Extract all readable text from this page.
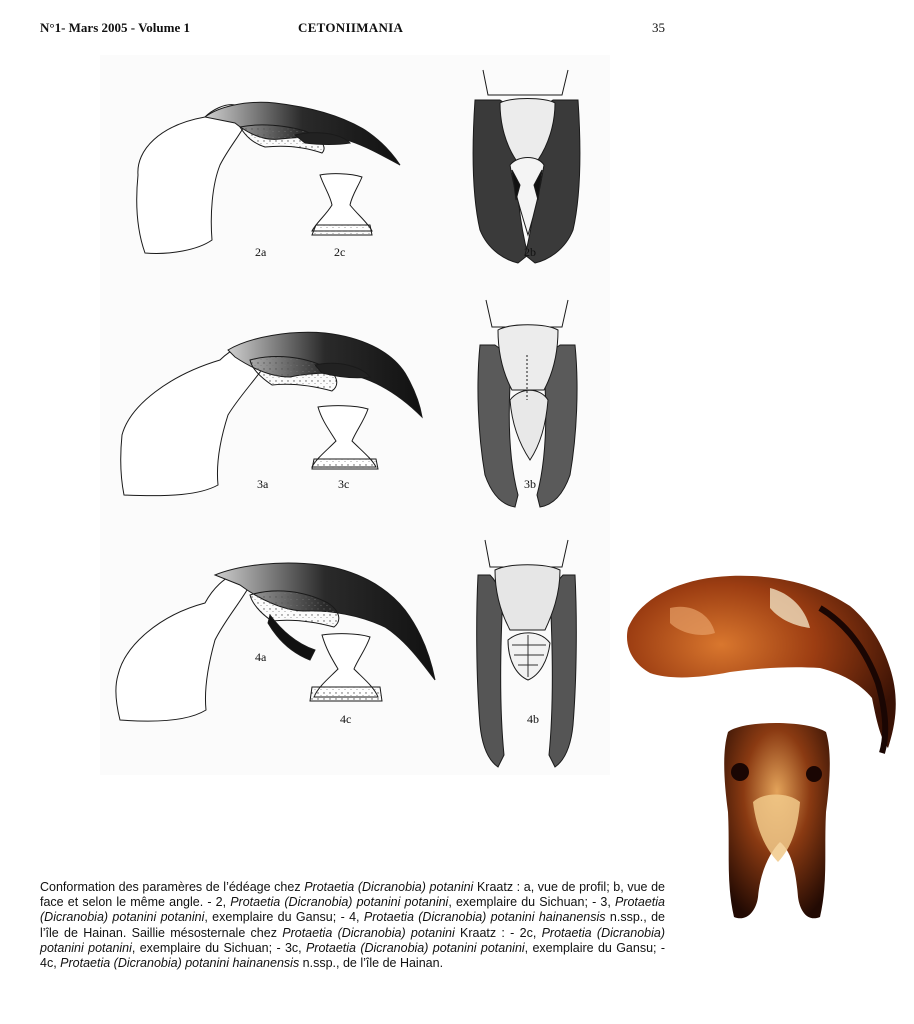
N°1- Mars 2005 - Volume 1	CETONIIMANIA	35
2a	2c	2b
3a	3c	3b
4a
4c	4b
Conformation des paramères de l’édéage chez Protaetia (Dicranobia) potanini Kraatz : a, vue de profil; b, vue de face et selon le même angle. - 2, Protaetia (Dicranobia) potanini potanini, exemplaire du Sichuan; - 3, Protaetia (Dicranobia) potanini potanini, exemplaire du Gansu; - 4, Protaetia (Dicranobia) potanini hainanensis n.ssp., de l’île de Hainan. Saillie mésosternale chez Protaetia (Dicranobia) potanini Kraatz : - 2c, Protaetia (Dicranobia) potanini potanini, exemplaire du Sichuan; - 3c, Protaetia (Dicranobia) potanini potanini, exemplaire du Gansu; - 4c, Protaetia (Dicranobia) potanini hainanensis n.ssp., de l’île de Hainan.
